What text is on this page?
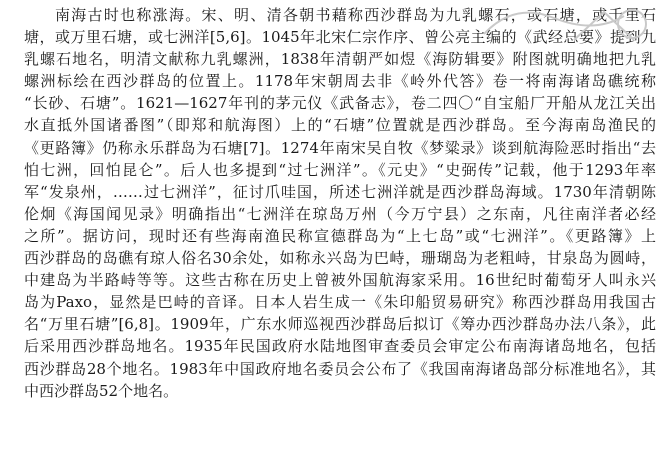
南海古时也称涨海。宋、明、清各朝书藉称西沙群岛为九乳螺石，或石塘，或千里石
塘，或万里石塘，或七洲洋[5,6]。1045年北宋仁宗作序、曾公亮主编的《武经总要》提到九
乳螺石地名，明清文献称九乳螺洲，1838年清朝严如煜《海防辑要》附图就明确地把九乳
螺洲标绘在西沙群岛的位置上。1178年宋朝周去非《岭外代答》卷一将南海诸岛礁统称
“长砂、石塘”。1621—1627年刊的茅元仪《武备志》，卷二四〇“自宝船厂开船从龙江关出
水直抵外国诸番图”（即郑和航海图）上的“石塘”位置就是西沙群岛。至今海南岛渔民的
《更路簿》仍称永乐群岛为石塘[7]。1274年南宋吴自牧《梦粱录》谈到航海险恶时指出“去
怕七洲，回怕昆仑”。后人也多提到“过七洲洋”。《元史》“史弼传”记载，他于1293年率
军“发泉州，……过七洲洋”，征讨爪哇国，所述七洲洋就是西沙群岛海域。1730年清朝陈
伦炯《海国闻见录》明确指出“七洲洋在琼岛万州（今万宁县）之东南，凡往南洋者必经
之所”。据访问，现时还有些海南渔民称宣德群岛为“上七岛”或“七洲洋”。《更路簿》上
西沙群岛的岛礁有琼人俗名30余处，如称永兴岛为巴峙，珊瑚岛为老粗峙，甘泉岛为圆峙，
中建岛为半路峙等等。这些古称在历史上曾被外国航海家采用。16世纪时葡萄牙人叫永兴
岛为Paxo，显然是巴峙的音译。日本人岩生成一《朱印船贸易研究》称西沙群岛用我国古
名“万里石塘”[6,8]。1909年，广东水师巡视西沙群岛后拟订《筹办西沙群岛办法八条》，此
后采用西沙群岛地名。1935年民国政府水陆地图审查委员会审定公布南海诸岛地名，包括
西沙群岛28个地名。1983年中国政府地名委员会公布了《我国南海诸岛部分标准地名》，其
中西沙群岛52个地名。
